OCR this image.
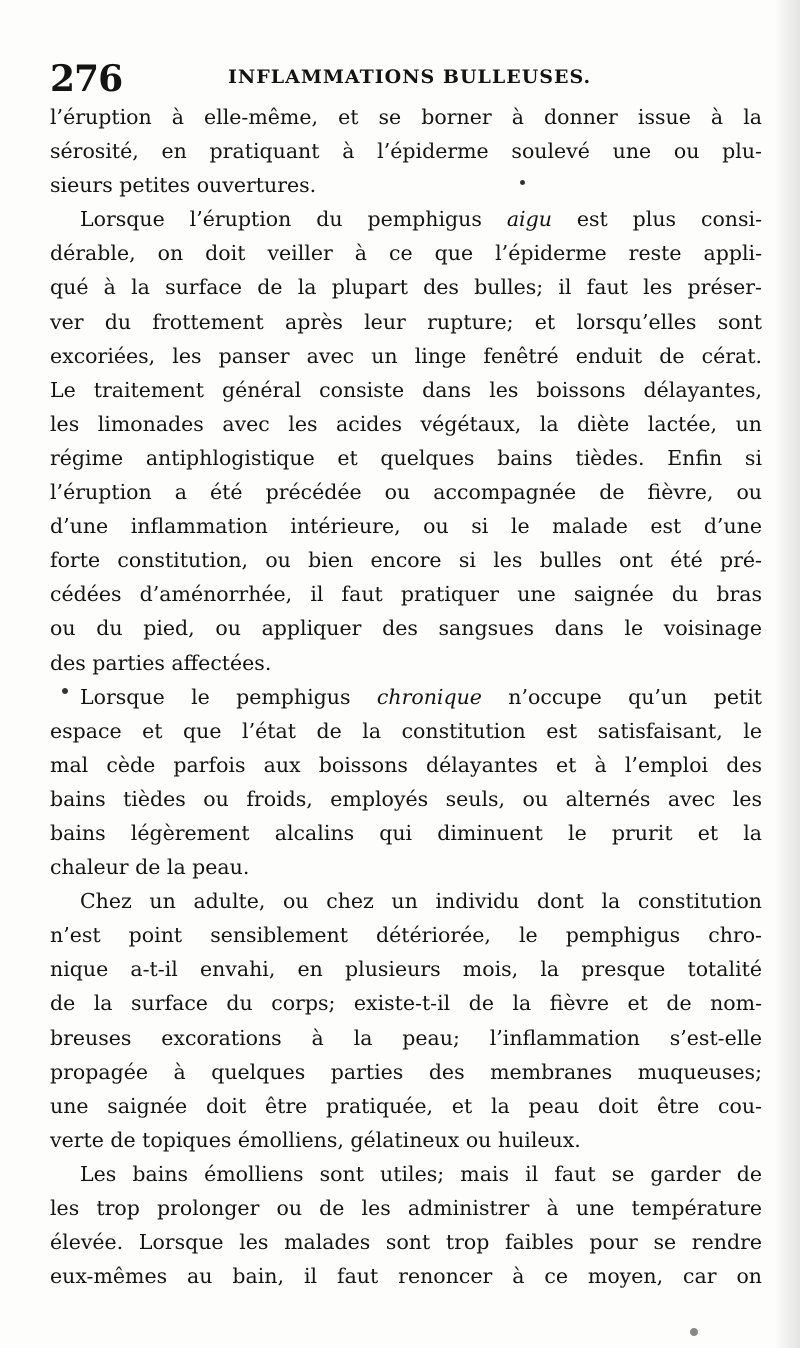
276	INFLAMMATIONS BULLEUSES.
l’éruption à elle-même, et se borner à donner issue à la
sérosité, en pratiquant à l’épiderme soulevé une ou plu-
sieurs petites ouvertures.
Lorsque l’éruption du pemphigus aigu est plus consi-
dérable, on doit veiller à ce que l’épiderme reste appli-
qué à la surface de la plupart des bulles; il faut les préser-
ver du frottement après leur rupture; et lorsqu’elles sont
excoriées, les panser avec un linge fenêtré enduit de cérat.
Le traitement général consiste dans les boissons délayantes,
les limonades avec les acides végétaux, la diète lactée, un
régime antiphlogistique et quelques bains tièdes. Enfin si
l’éruption a été précédée ou accompagnée de fièvre, ou
d’une inflammation intérieure, ou si le malade est d’une
forte constitution, ou bien encore si les bulles ont été pré-
cédées d’aménorrhée, il faut pratiquer une saignée du bras
ou du pied, ou appliquer des sangsues dans le voisinage
des parties affectées.
Lorsque le pemphigus chronique n’occupe qu’un petit
espace et que l’état de la constitution est satisfaisant, le
mal cède parfois aux boissons délayantes et à l’emploi des
bains tièdes ou froids, employés seuls, ou alternés avec les
bains légèrement alcalins qui diminuent le prurit et la
chaleur de la peau.
Chez un adulte, ou chez un individu dont la constitution
n’est point sensiblement détériorée, le pemphigus chro-
nique a-t-il envahi, en plusieurs mois, la presque totalité
de la surface du corps; existe-t-il de la fièvre et de nom-
breuses excorations à la peau; l’inflammation s’est-elle
propagée à quelques parties des membranes muqueuses;
une saignée doit être pratiquée, et la peau doit être cou-
verte de topiques émolliens, gélatineux ou huileux.
Les bains émolliens sont utiles; mais il faut se garder de
les trop prolonger ou de les administrer à une température
élevée. Lorsque les malades sont trop faibles pour se rendre
eux-mêmes au bain, il faut renoncer à ce moyen, car on
